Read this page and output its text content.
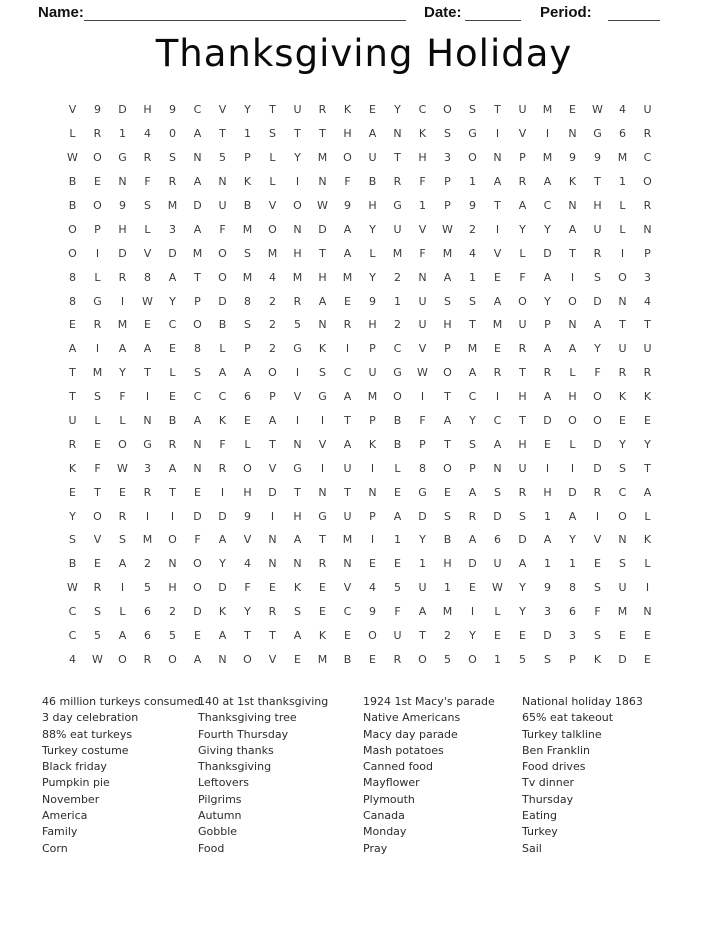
Name:	Date:	Period:
Thanksgiving Holiday
V	9	D	H	9	C	V	Y	T	U	R	K	E	Y	C	O	S	T	U	M	E	W	4	U
L	R	1	4	0	A	T	1	S	T	T	H	A	N	K	S	G	I	V	I	N	G	6	R
W	O	G	R	S	N	5	P	L	Y	M	O	U	T	H	3	O	N	P	M	9	9	M	C
B	E	N	F	R	A	N	K	L	I	N	F	B	R	F	P	1	A	R	A	K	T	1	O
B	O	9	S	M	D	U	B	V	O	W	9	H	G	1	P	9	T	A	C	N	H	L	R
O	P	H	L	3	A	F	M	O	N	D	A	Y	U	V	W	2	I	Y	Y	A	U	L	N
O	I	D	V	D	M	O	S	M	H	T	A	L	M	F	M	4	V	L	D	T	R	I	P
8	L	R	8	A	T	O	M	4	M	H	M	Y	2	N	A	1	E	F	A	I	S	O	3
8	G	I	W	Y	P	D	8	2	R	A	E	9	1	U	S	S	A	O	Y	O	D	N	4
E	R	M	E	C	O	B	S	2	5	N	R	H	2	U	H	T	M	U	P	N	A	T	T
A	I	A	A	E	8	L	P	2	G	K	I	P	C	V	P	M	E	R	A	A	Y	U	U
T	M	Y	T	L	S	A	A	O	I	S	C	U	G	W	O	A	R	T	R	L	F	R	R
T	S	F	I	E	C	C	6	P	V	G	A	M	O	I	T	C	I	H	A	H	O	K	K
U	L	L	N	B	A	K	E	A	I	I	T	P	B	F	A	Y	C	T	D	O	O	E	E
R	E	O	G	R	N	F	L	T	N	V	A	K	B	P	T	S	A	H	E	L	D	Y	Y
K	F	W	3	A	N	R	O	V	G	I	U	I	L	8	O	P	N	U	I	I	D	S	T
E	T	E	R	T	E	I	H	D	T	N	T	N	E	G	E	A	S	R	H	D	R	C	A
Y	O	R	I	I	D	D	9	I	H	G	U	P	A	D	S	R	D	S	1	A	I	O	L
S	V	S	M	O	F	A	V	N	A	T	M	I	1	Y	B	A	6	D	A	Y	V	N	K
B	E	A	2	N	O	Y	4	N	N	R	N	E	E	1	H	D	U	A	1	1	E	S	L
W	R	I	5	H	O	D	F	E	K	E	V	4	5	U	1	E	W	Y	9	8	S	U	I
C	S	L	6	2	D	K	Y	R	S	E	C	9	F	A	M	I	L	Y	3	6	F	M	N
C	5	A	6	5	E	A	T	T	A	K	E	O	U	T	2	Y	E	E	D	3	S	E	E
4	W	O	R	O	A	N	O	V	E	M	B	E	R	O	5	O	1	5	S	P	K	D	E
46 million turkeys consumed
3 day celebration
88% eat turkeys
Turkey costume
Black friday
Pumpkin pie
November
America
Family
Corn
140 at 1st thanksgiving
Thanksgiving tree
Fourth Thursday
Giving thanks
Thanksgiving
Leftovers
Pilgrims
Autumn
Gobble
Food
1924 1st Macy's parade
Native Americans
Macy day parade
Mash potatoes
Canned food
Mayflower
Plymouth
Canada
Monday
Pray
National holiday 1863
65% eat takeout
Turkey talkline
Ben Franklin
Food drives
Tv dinner
Thursday
Eating
Turkey
Sail
